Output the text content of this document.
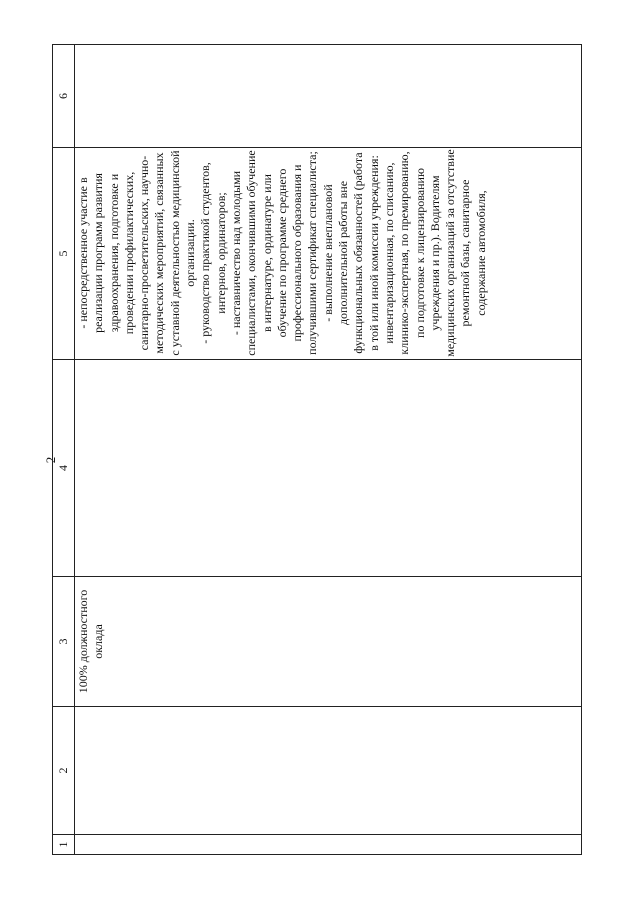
2
1	2	3	4	5	6

		100% должностного оклада		- непосредственное участие в реализации программ развития здравоохранения, подготовке и проведении профилактических, санитарно-просветительских, научно-методических мероприятий, связанных с уставной деятельностью медицинской организации. - руководство практикой студентов, интернов, ординаторов; - наставничество над молодыми специалистами, окончившими обучение в интернатуре, ординатуре или обучение по программе среднего профессионального образования и получившими сертификат специалиста; - выполнение внеплановой дополнительной работы вне функциональных обязанностей (работа в той или иной комиссии учреждения: инвентаризационная, по списанию, клинико-экспертная, по премированию, по подготовке к лицензированию учреждения и пр.). Водителям медицинских организаций за отсутствие ремонтной базы, санитарное содержание автомобиля,	
